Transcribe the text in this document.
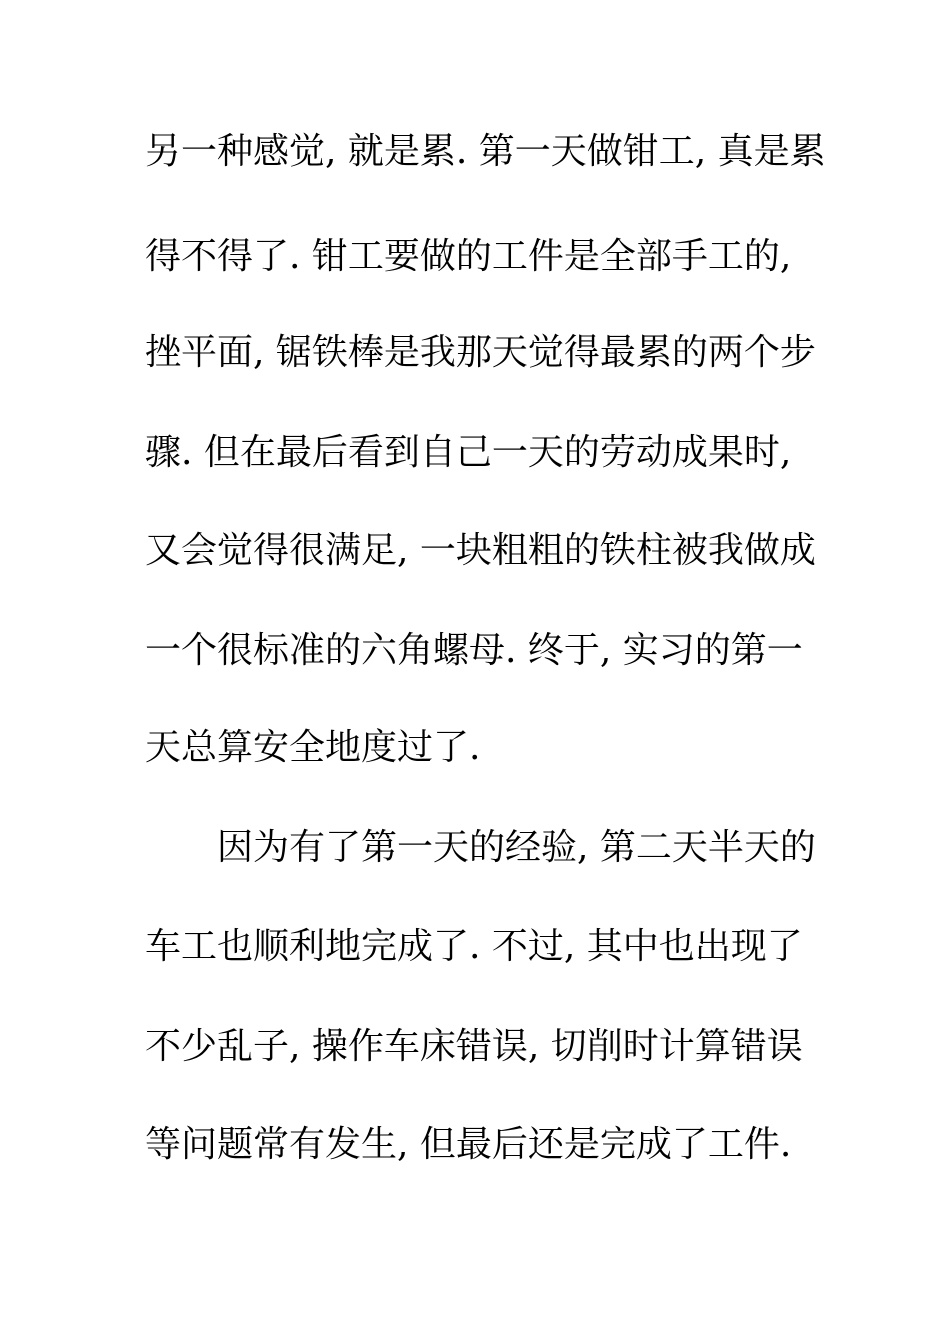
另一种感觉, 就是累. 第一天做钳工, 真是累
得不得了. 钳工要做的工件是全部手工的,
挫平面, 锯铁棒是我那天觉得最累的两个步
骤. 但在最后看到自己一天的劳动成果时,
又会觉得很满足, 一块粗粗的铁柱被我做成
一个很标准的六角螺母. 终于, 实习的第一
天总算安全地度过了.
因为有了第一天的经验, 第二天半天的
车工也顺利地完成了. 不过, 其中也出现了
不少乱子, 操作车床错误, 切削时计算错误
等问题常有发生, 但最后还是完成了工件.
